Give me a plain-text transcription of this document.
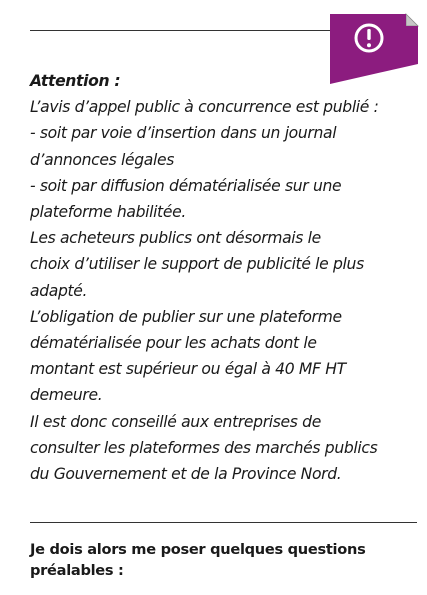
Attention :
L’avis d’appel public à concurrence est publié :
- soit par voie d’insertion dans un journal
d’annonces légales
- soit par diffusion dématérialisée sur une
plateforme habilitée.
Les acheteurs publics ont désormais le
choix d’utiliser le support de publicité le plus
adapté.
L’obligation de publier sur une plateforme
dématérialisée pour les achats dont le
montant est supérieur ou égal à 40 MF HT
demeure.
Il est donc conseillé aux entreprises de
consulter les plateformes des marchés publics
du Gouvernement et de la Province Nord.
Je dois alors me poser quelques questions
préalables :
